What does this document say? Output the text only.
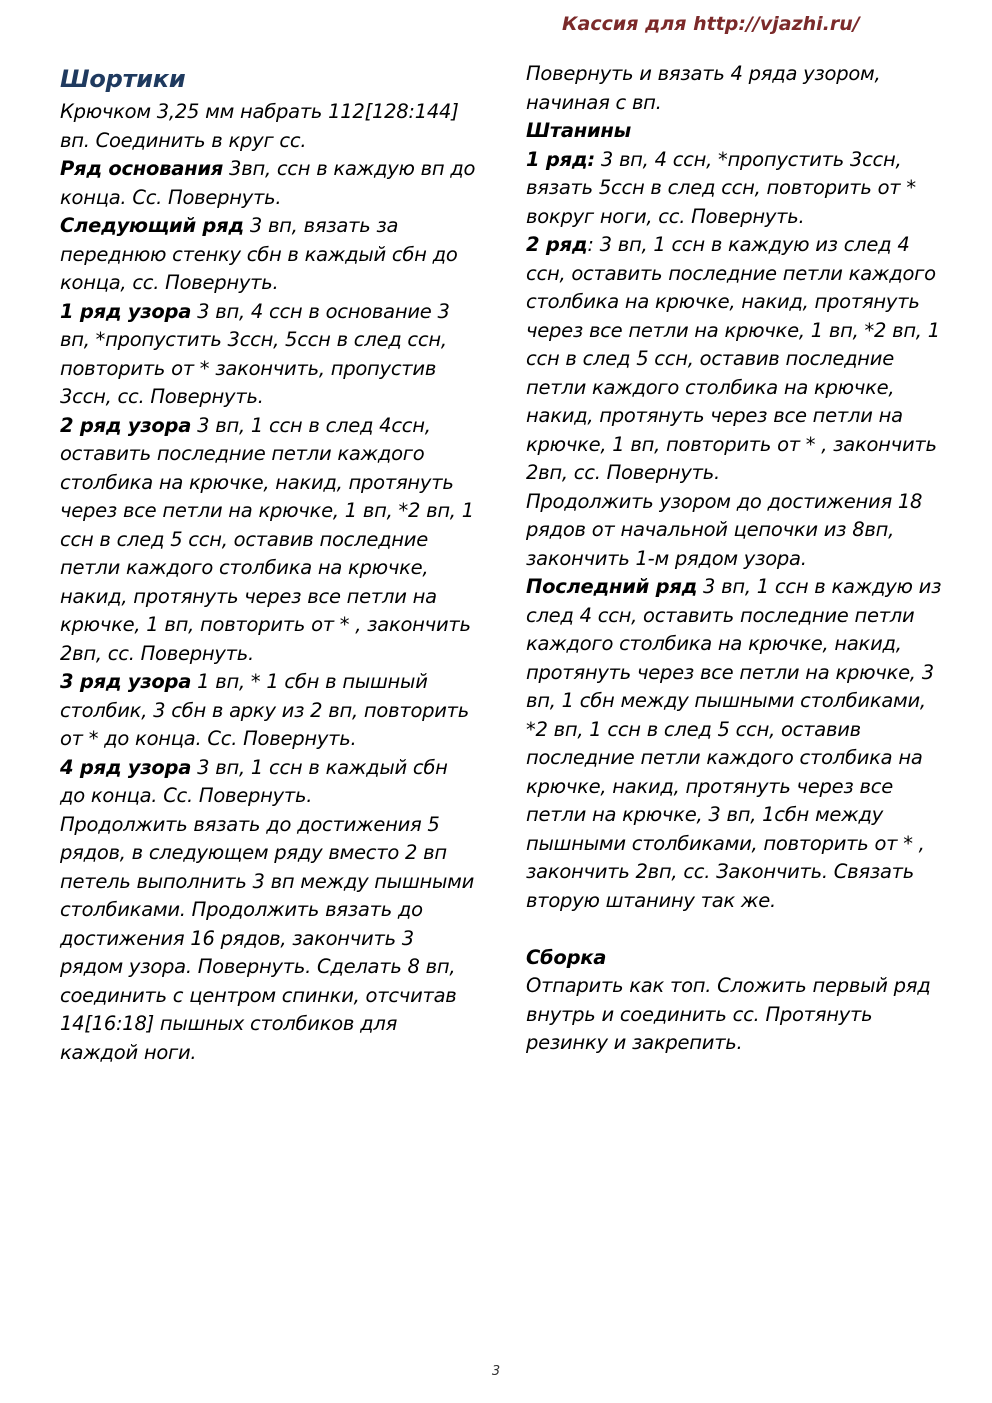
Кассия для http://vjazhi.ru/
Шортики

Крючком 3,25 мм набрать 112[128:144] вп. Соединить в круг сс.

Ряд основания 3вп, ссн в каждую вп до конца. Сс. Повернуть.

Следующий ряд 3 вп, вязать за переднюю стенку сбн в каждый сбн до конца, сс. Повернуть.

1 ряд узора 3 вп, 4 ссн в основание 3 вп, *пропустить 3ссн, 5ссн в след ссн, повторить от * закончить, пропустив 3ссн, сс. Повернуть.

2 ряд узора 3 вп, 1 ссн в след 4ссн, оставить последние петли каждого столбика на крючке, накид, протянуть через все петли на крючке, 1 вп, *2 вп, 1 ссн в след 5 ссн, оставив последние петли каждого столбика на крючке, накид, протянуть через все петли на крючке, 1 вп, повторить от * , закончить 2вп, сс. Повернуть.

3 ряд узора 1 вп, * 1 сбн в пышный столбик, 3 сбн в арку из 2 вп, повторить от * до конца. Сс. Повернуть.

4 ряд узора 3 вп, 1 ссн в каждый сбн до конца. Сс. Повернуть.

Продолжить вязать до достижения 5 рядов, в следующем ряду вместо 2 вп петель выполнить 3 вп между пышными столбиками. Продолжить вязать до достижения 16 рядов, закончить 3 рядом узора. Повернуть. Сделать 8 вп, соединить с центром спинки, отсчитав 14[16:18] пышных столбиков для каждой ноги.

Повернуть и вязать 4 ряда узором, начиная с вп.

Штанины

1 ряд: 3 вп, 4 ссн, *пропустить 3ссн, вязать 5ссн в след ссн, повторить от * вокруг ноги, сс. Повернуть.

2 ряд: 3 вп, 1 ссн в каждую из след 4 ссн, оставить последние петли каждого столбика на крючке, накид, протянуть через все петли на крючке, 1 вп, *2 вп, 1 ссн в след 5 ссн, оставив последние петли каждого столбика на крючке, накид, протянуть через все петли на крючке, 1 вп, повторить от * , закончить 2вп, сс. Повернуть.

Продолжить узором до достижения 18 рядов от начальной цепочки из 8вп, закончить 1-м рядом узора.

Последний ряд 3 вп, 1 ссн в каждую из след 4 ссн, оставить последние петли каждого столбика на крючке, накид, протянуть через все петли на крючке, 3 вп, 1 сбн между пышными столбиками, *2 вп, 1 ссн в след 5 ссн, оставив последние петли каждого столбика на крючке, накид, протянуть через все петли на крючке, 3 вп, 1сбн между пышными столбиками, повторить от * , закончить 2вп, сс. Закончить. Связать вторую штанину так же.

Сборка

Отпарить как топ. Сложить первый ряд внутрь и соединить сс. Протянуть резинку и закрепить.

3
